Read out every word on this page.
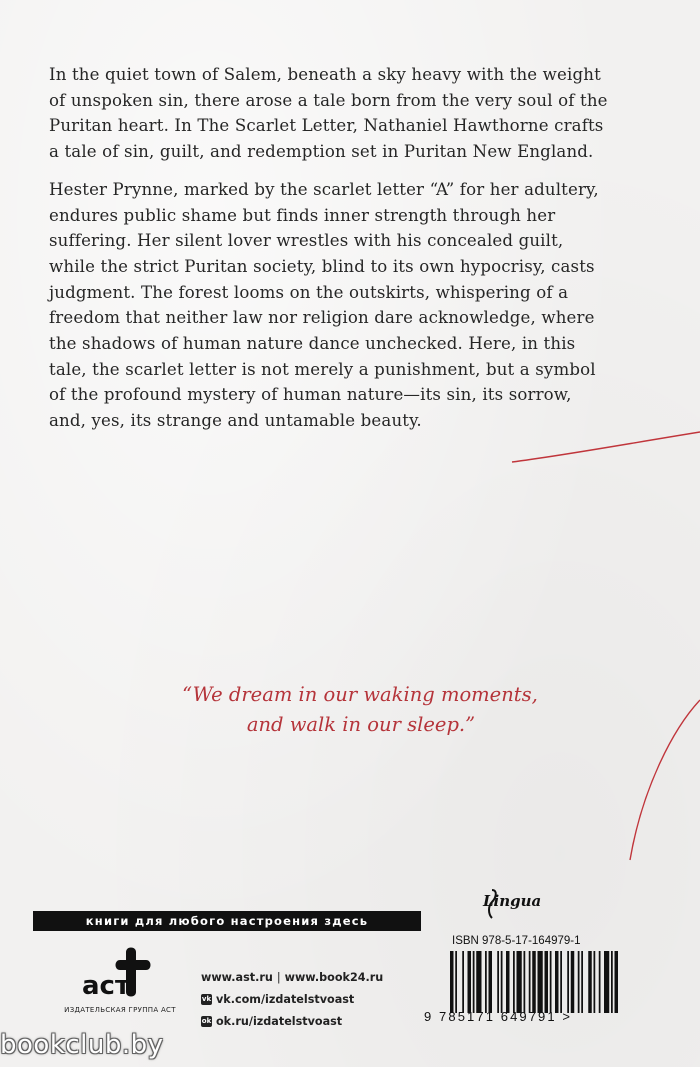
In the quiet town of Salem, beneath a sky heavy with the weight of unspoken sin, there arose a tale born from the very soul of the Puritan heart. In The Scarlet Letter, Nathaniel Hawthorne crafts a tale of sin, guilt, and redemption set in Puritan New England.

Hester Prynne, marked by the scarlet letter “A” for her adultery, endures public shame but finds inner strength through her suffering. Her silent lover wrestles with his concealed guilt, while the strict Puritan society, blind to its own hypocrisy, casts judgment. The forest looms on the outskirts, whispering of a freedom that neither law nor religion dare acknowledge, where the shadows of human nature dance unchecked. Here, in this tale, the scarlet letter is not merely a punishment, but a symbol of the profound mystery of human nature—its sin, its sorrow, and, yes, its strange and untamable beauty.

“We dream in our waking moments,
and walk in our sleep.”
книги для любого настроения здесь
аст
ИЗДАТЕЛЬСКАЯ ГРУППА АСТ
www.ast.ru | www.book24.ru
vk vk.com/izdatelstvoast
ok ok.ru/izdatelstvoast
Lingua
ISBN 978-5-17-164979-1
9 785171 649791 >
bookclub.by
